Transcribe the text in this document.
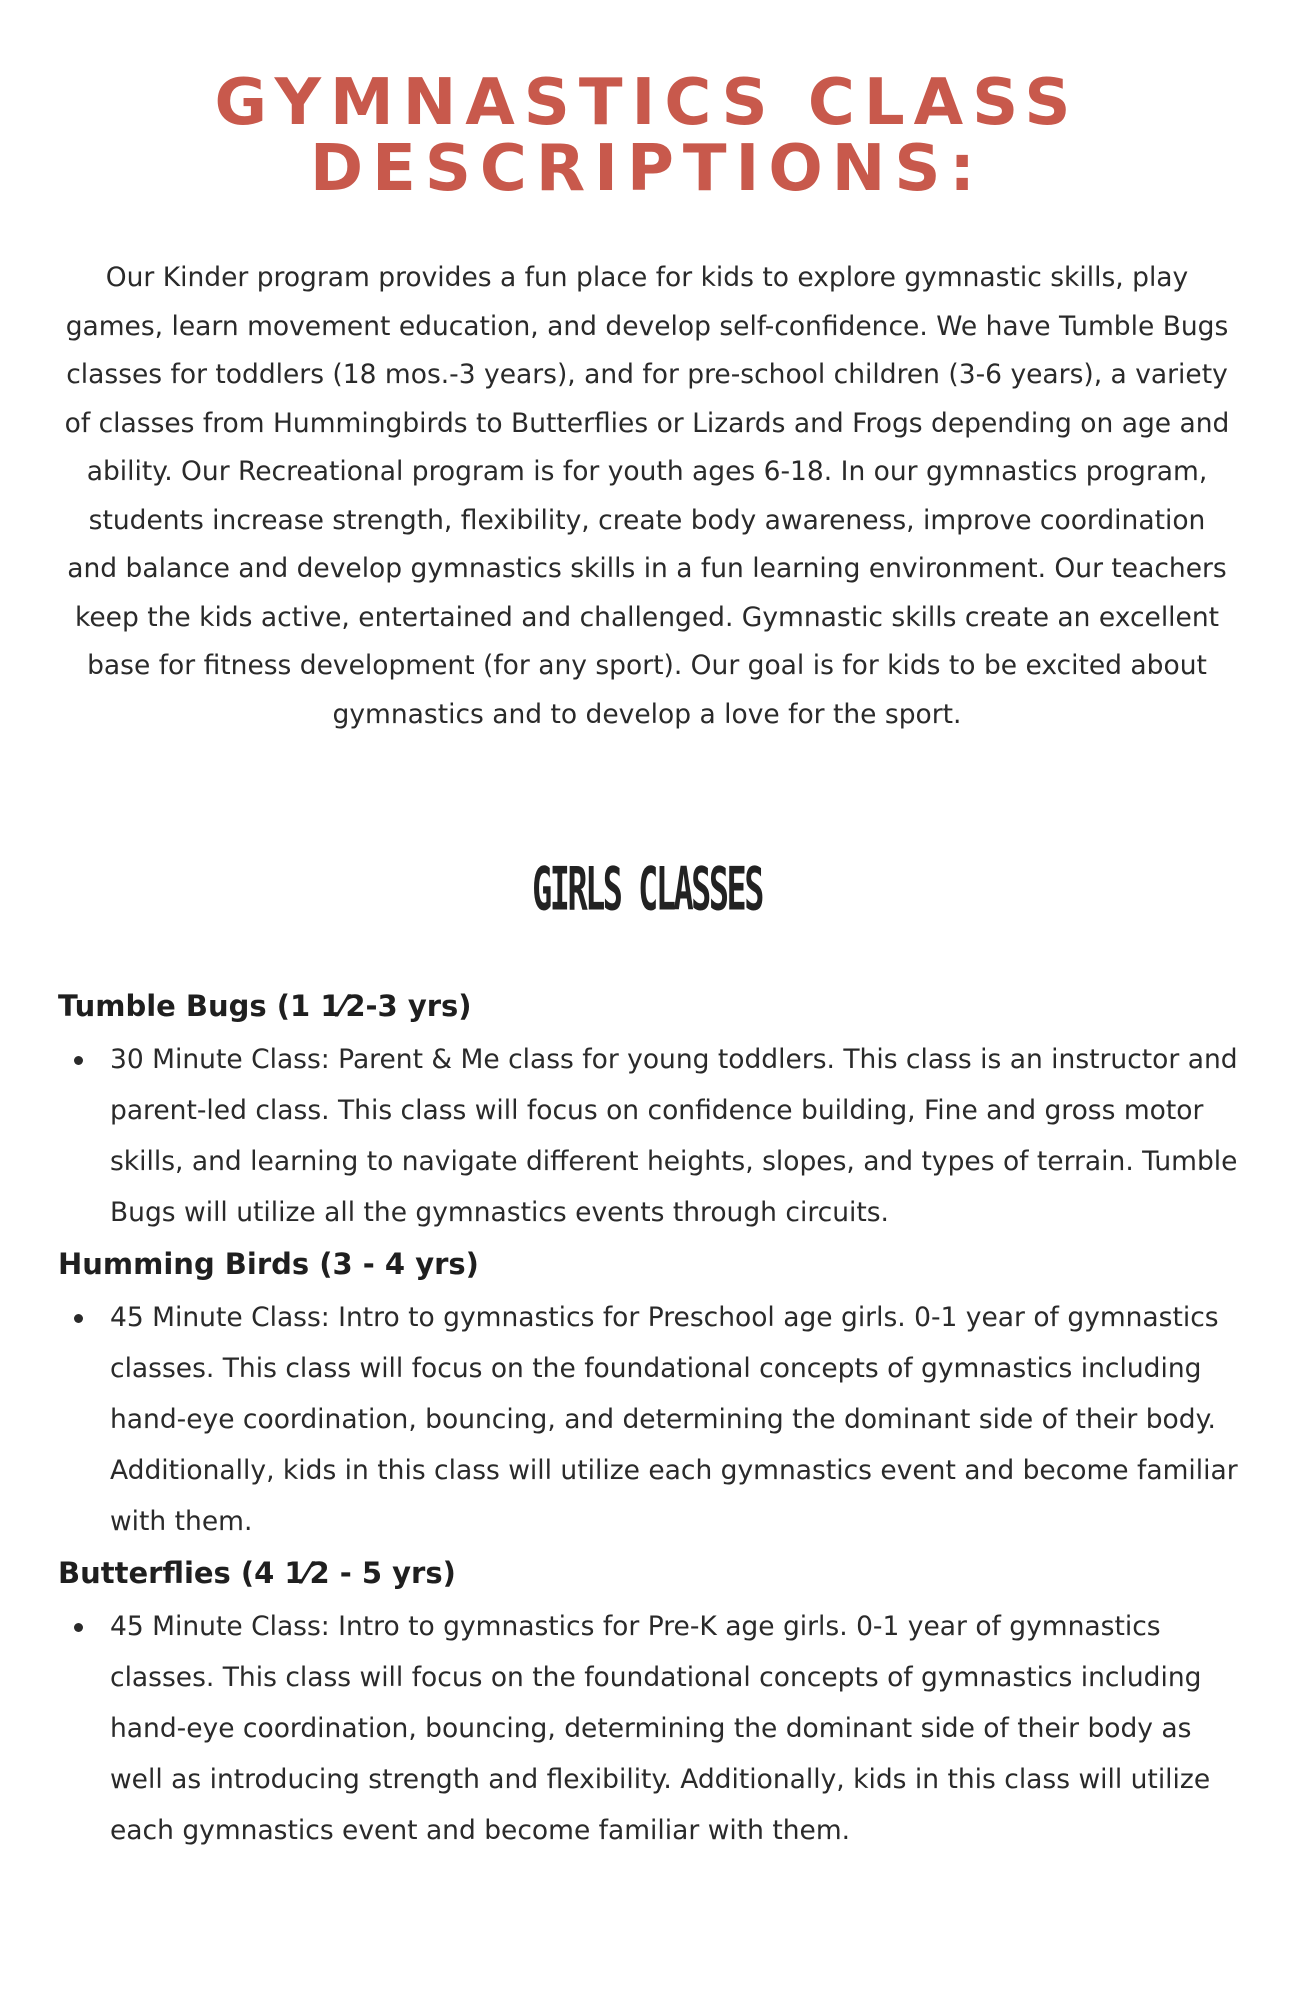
GYMNASTICS CLASS
DESCRIPTIONS:

Our Kinder program provides a fun place for kids to explore gymnastic skills, play games, learn movement education, and develop self-confidence. We have Tumble Bugs classes for toddlers (18 mos.-3 years), and for pre-school children (3-6 years), a variety of classes from Hummingbirds to Butterflies or Lizards and Frogs depending on age and ability. Our Recreational program is for youth ages 6-18. In our gymnastics program, students increase strength, flexibility, create body awareness, improve coordination and balance and develop gymnastics skills in a fun learning environment. Our teachers keep the kids active, entertained and challenged. Gymnastic skills create an excellent base for fitness development (for any sport). Our goal is for kids to be excited about gymnastics and to develop a love for the sport.

GIRLS CLASSES
Tumble Bugs (1 1⁄2-3 yrs)
30 Minute Class: Parent & Me class for young toddlers. This class is an instructor and parent-led class. This class will focus on confidence building, Fine and gross motor skills, and learning to navigate different heights, slopes, and types of terrain. Tumble Bugs will utilize all the gymnastics events through circuits.
Humming Birds (3 - 4 yrs)
45 Minute Class: Intro to gymnastics for Preschool age girls. 0-1 year of gymnastics classes. This class will focus on the foundational concepts of gymnastics including hand-eye coordination, bouncing, and determining the dominant side of their body. Additionally, kids in this class will utilize each gymnastics event and become familiar with them.
Butterflies (4 1⁄2 - 5 yrs)
45 Minute Class: Intro to gymnastics for Pre-K age girls. 0-1 year of gymnastics classes. This class will focus on the foundational concepts of gymnastics including hand-eye coordination, bouncing, determining the dominant side of their body as well as introducing strength and flexibility. Additionally, kids in this class will utilize each gymnastics event and become familiar with them.
